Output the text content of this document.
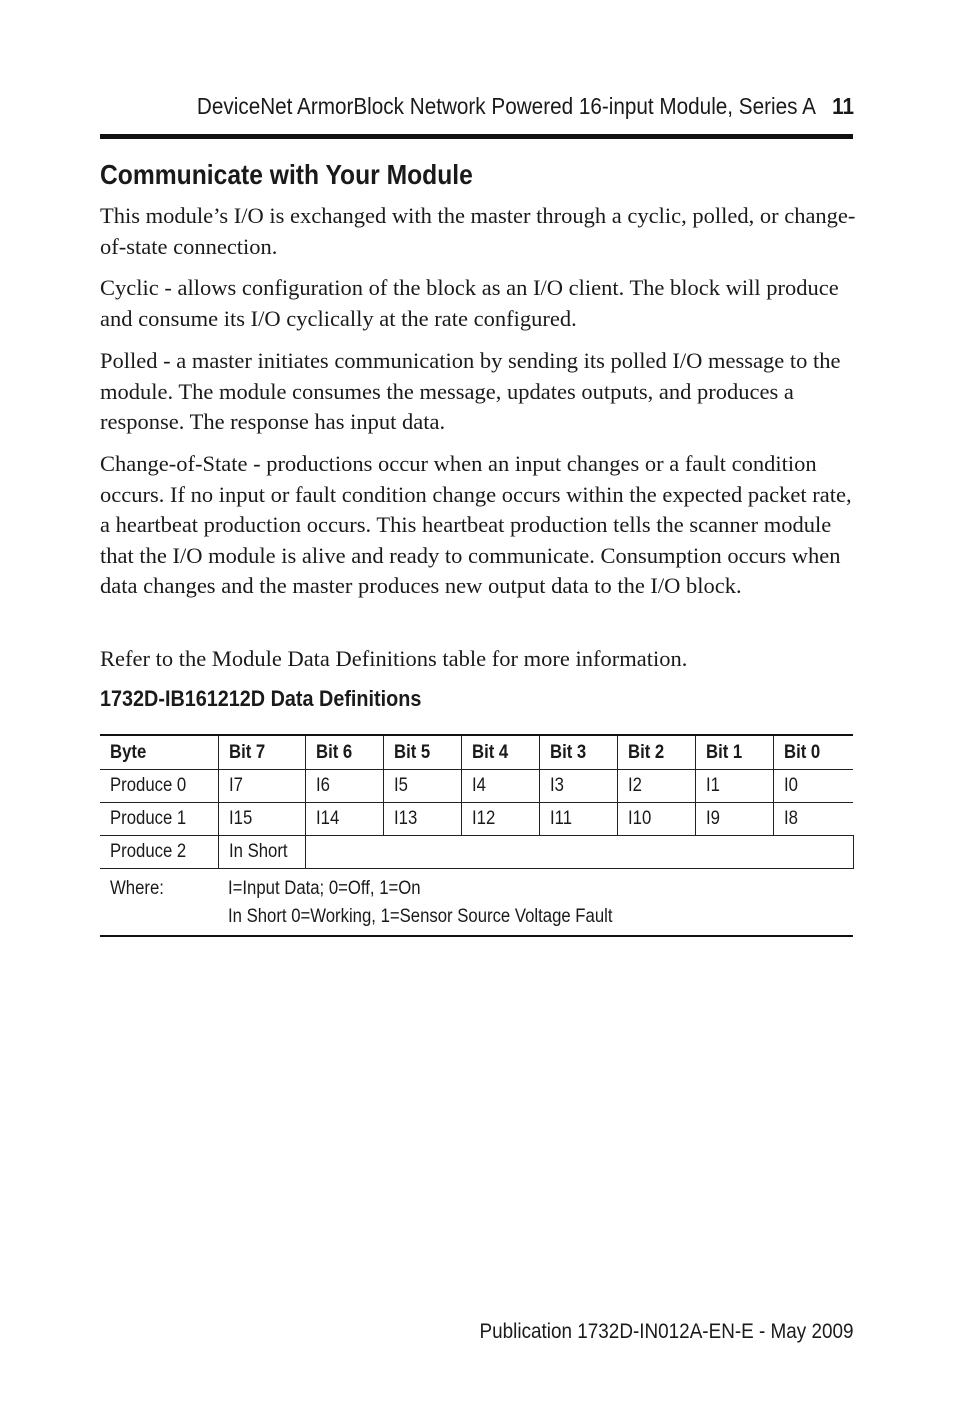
DeviceNet ArmorBlock Network Powered 16-input Module, Series A 11
Communicate with Your Module

This module’s I/O is exchanged with the master through a cyclic, polled, or change-of-state connection.

Cyclic - allows configuration of the block as an I/O client. The block will produce and consume its I/O cyclically at the rate configured.

Polled - a master initiates communication by sending its polled I/O message to the module. The module consumes the message, updates outputs, and produces a response. The response has input data.

Change-of-State - productions occur when an input changes or a fault condition occurs. If no input or fault condition change occurs within the expected packet rate, a heartbeat production occurs. This heartbeat production tells the scanner module that the I/O module is alive and ready to communicate. Consumption occurs when data changes and the master produces new output data to the I/O block.

Refer to the Module Data Definitions table for more information.

1732D-IB161212D Data Definitions
Byte	Bit 7	Bit 6	Bit 5	Bit 4	Bit 3	Bit 2	Bit 1	Bit 0
Produce 0	I7	I6	I5	I4	I3	I2	I1	I0
Produce 1	I15	I14	I13	I12	I11	I10	I9	I8
Produce 2	In Short							
Where:	I=Input Data; 0=Off, 1=On
In Short 0=Working, 1=Sensor Source Voltage Fault							
Publication 1732D-IN012A-EN-E - May 2009
